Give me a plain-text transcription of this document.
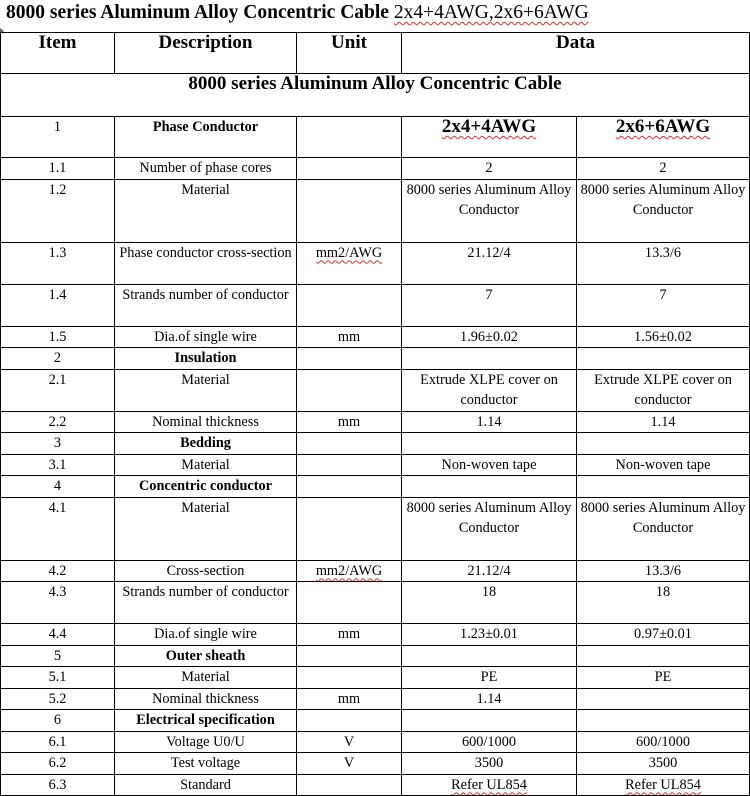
8000 series Aluminum Alloy Concentric Cable 2x4+4AWG,2x6+6AWG
Item	Description	Unit	Data	
8000 series Aluminum Alloy Concentric Cable				
1	Phase Conductor		2x4+4AWG	2x6+6AWG
1.1	Number of phase cores		2	2
1.2	Material		8000 series Aluminum Alloy Conductor	8000 series Aluminum Alloy Conductor
1.3	Phase conductor cross-section	mm2/AWG	21.12/4	13.3/6
1.4	Strands number of conductor		7	7
1.5	Dia.of single wire	mm	1.96±0.02	1.56±0.02
2	Insulation			
2.1	Material		Extrude XLPE cover on conductor	Extrude XLPE cover on conductor
2.2	Nominal thickness	mm	1.14	1.14
3	Bedding			
3.1	Material		Non-woven tape	Non-woven tape
4	Concentric conductor			
4.1	Material		8000 series Aluminum Alloy Conductor	8000 series Aluminum Alloy Conductor
4.2	Cross-section	mm2/AWG	21.12/4	13.3/6
4.3	Strands number of conductor		18	18
4.4	Dia.of single wire	mm	1.23±0.01	0.97±0.01
5	Outer sheath			
5.1	Material		PE	PE
5.2	Nominal thickness	mm	1.14	
6	Electrical specification			
6.1	Voltage U0/U	V	600/1000	600/1000
6.2	Test voltage	V	3500	3500
6.3	Standard		Refer UL854	Refer UL854
